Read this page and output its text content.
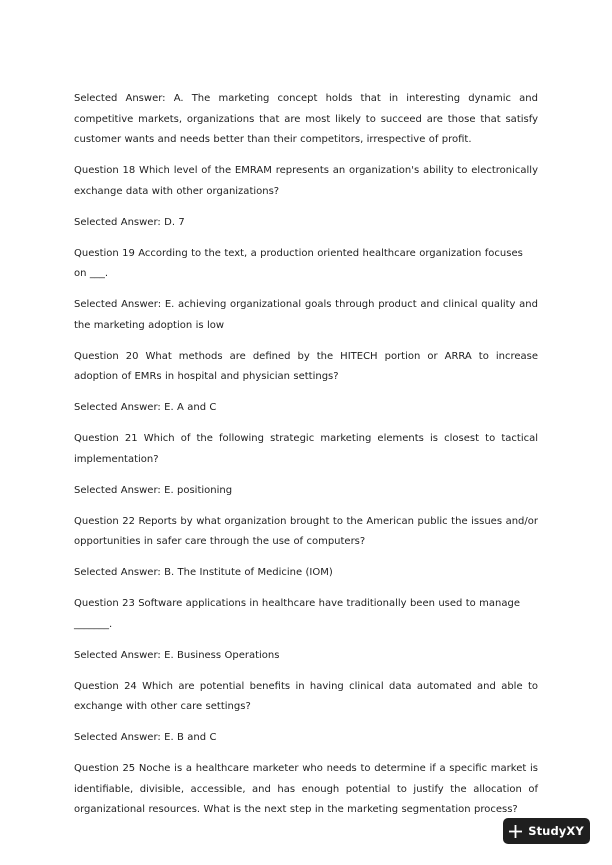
Selected Answer: A. The marketing concept holds that in interesting dynamic and competitive markets, organizations that are most likely to succeed are those that satisfy customer wants and needs better than their competitors, irrespective of profit.

Question 18 Which level of the EMRAM represents an organization's ability to electronically exchange data with other organizations?

Selected Answer: D. 7

Question 19 According to the text, a production oriented healthcare organization focuses on ___.

Selected Answer: E. achieving organizational goals through product and clinical quality and the marketing adoption is low

Question 20 What methods are defined by the HITECH portion or ARRA to increase adoption of EMRs in hospital and physician settings?

Selected Answer: E. A and C

Question 21 Which of the following strategic marketing elements is closest to tactical implementation?

Selected Answer: E. positioning

Question 22 Reports by what organization brought to the American public the issues and/or opportunities in safer care through the use of computers?

Selected Answer: B. The Institute of Medicine (IOM)

Question 23 Software applications in healthcare have traditionally been used to manage _______.

Selected Answer: E. Business Operations

Question 24 Which are potential benefits in having clinical data automated and able to exchange with other care settings?

Selected Answer: E. B and C

Question 25 Noche is a healthcare marketer who needs to determine if a specific market is identifiable, divisible, accessible, and has enough potential to justify the allocation of organizational resources. What is the next step in the marketing segmentation process?

StudyXY
